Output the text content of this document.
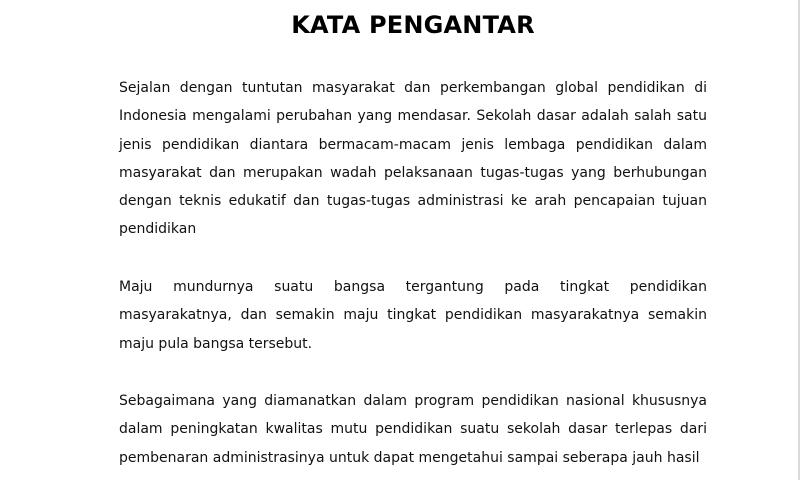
KATA PENGANTAR

Sejalan dengan tuntutan masyarakat dan perkembangan global pendidikan di Indonesia mengalami perubahan yang mendasar. Sekolah dasar adalah salah satu jenis pendidikan diantara bermacam-macam jenis lembaga pendidikan dalam masyarakat dan merupakan wadah pelaksanaan tugas-tugas yang berhubungan dengan teknis edukatif dan tugas-tugas administrasi ke arah pencapaian tujuan pendidikan

Maju mundurnya suatu bangsa tergantung pada tingkat pendidikan masyarakatnya, dan semakin maju tingkat pendidikan masyarakatnya semakin maju pula bangsa tersebut.

Sebagaimana yang diamanatkan dalam program pendidikan nasional khususnya dalam peningkatan kwalitas mutu pendidikan suatu sekolah dasar terlepas dari pembenaran administrasinya untuk dapat mengetahui sampai seberapa jauh hasil
